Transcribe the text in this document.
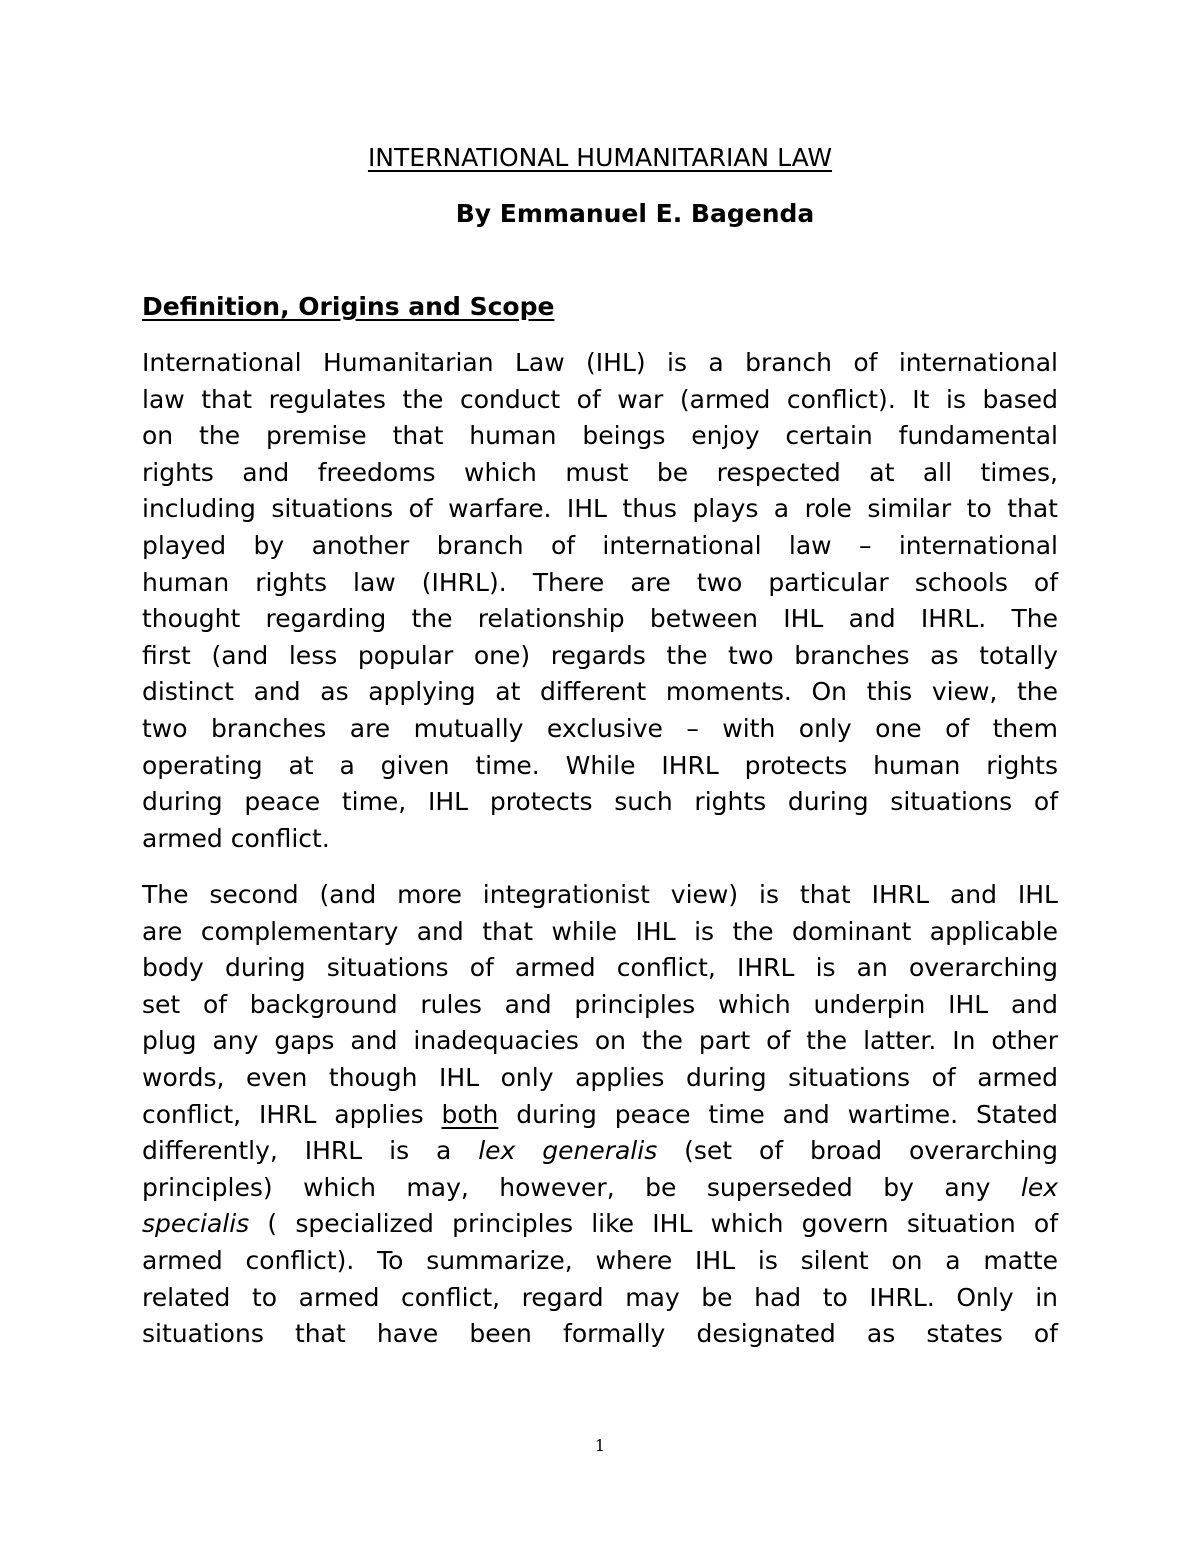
INTERNATIONAL HUMANITARIAN LAW
By Emmanuel E. Bagenda
Definition, Origins and Scope
International Humanitarian Law (IHL) is a branch of international
law that regulates the conduct of war (armed conflict). It is based
on the premise that human beings enjoy certain fundamental
rights and freedoms which must be respected at all times,
including situations of warfare. IHL thus plays a role similar to that
played by another branch of international law – international
human rights law (IHRL). There are two particular schools of
thought regarding the relationship between IHL and IHRL. The
first (and less popular one) regards the two branches as totally
distinct and as applying at different moments. On this view, the
two branches are mutually exclusive – with only one of them
operating at a given time. While IHRL protects human rights
during peace time, IHL protects such rights during situations of
armed conflict.
The second (and more integrationist view) is that IHRL and IHL
are complementary and that while IHL is the dominant applicable
body during situations of armed conflict, IHRL is an overarching
set of background rules and principles which underpin IHL and
plug any gaps and inadequacies on the part of the latter. In other
words, even though IHL only applies during situations of armed
conflict, IHRL applies both during peace time and wartime. Stated
differently, IHRL is a lex generalis (set of broad overarching
principles) which may, however, be superseded by any lex
specialis ( specialized principles like IHL which govern situation of
armed conflict). To summarize, where IHL is silent on a matte
related to armed conflict, regard may be had to IHRL. Only in
situations that have been formally designated as states of
1
